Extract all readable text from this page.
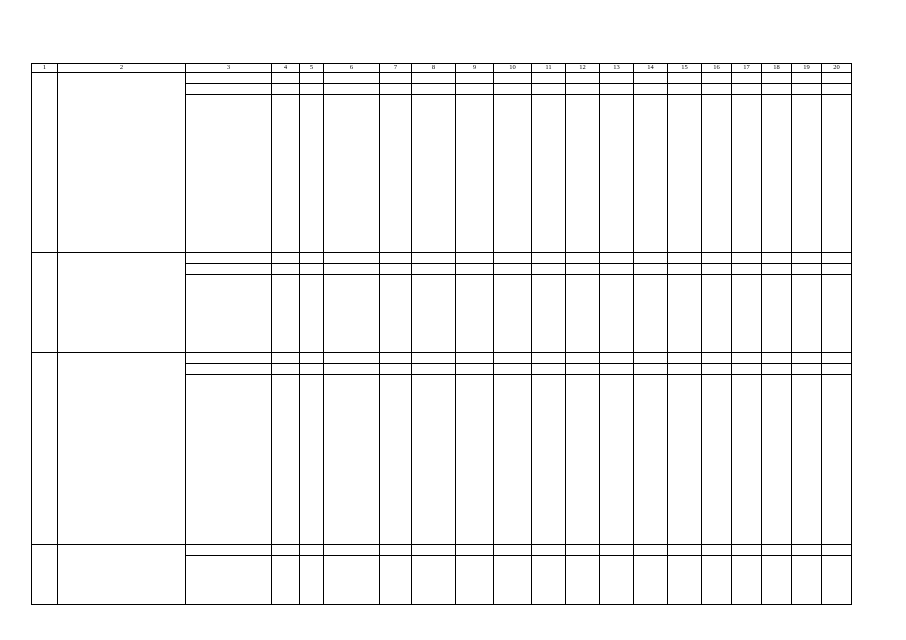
1	2	3	4	5	6	7	8	9	10	11	12	13	14	15	16	17	18	19	20
